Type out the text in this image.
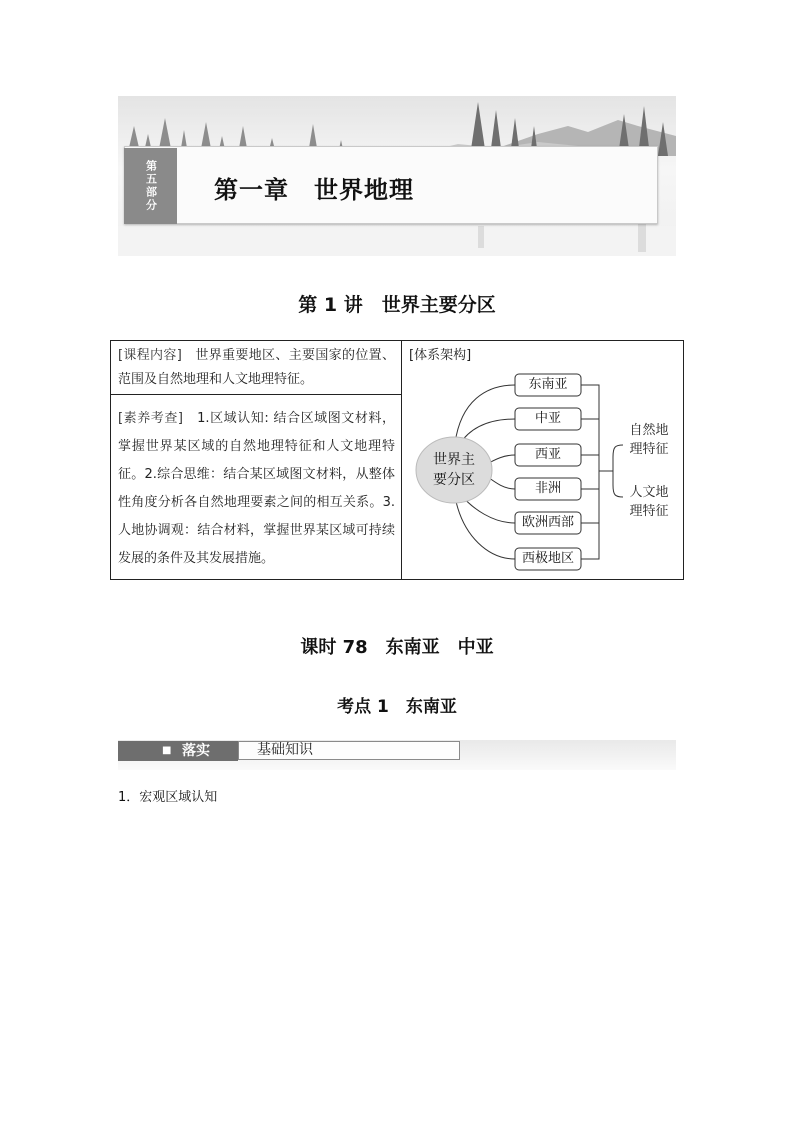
第五部分 第一章　世界地理
第 1 讲　世界主要分区
[课程内容]　世界重要地区、主要国家的位置、范围及自然地理和人文地理特征。
[素养考查]　1.区域认知: 结合区域图文材料，掌握世界某区域的自然地理特征和人文地理特征。2.综合思维：结合某区域图文材料，从整体性角度分析各自然地理要素之间的相互关系。3.人地协调观：结合材料，掌握世界某区域可持续发展的条件及其发展措施。
[体系架构]
世界主
要分区
东南亚
中亚
西亚
非洲
欧洲西部
西极地区
自然地
理特征
人文地
理特征
课时 78　东南亚　中亚
考点 1　东南亚
■ 落实	基础知识
1．宏观区域认知
